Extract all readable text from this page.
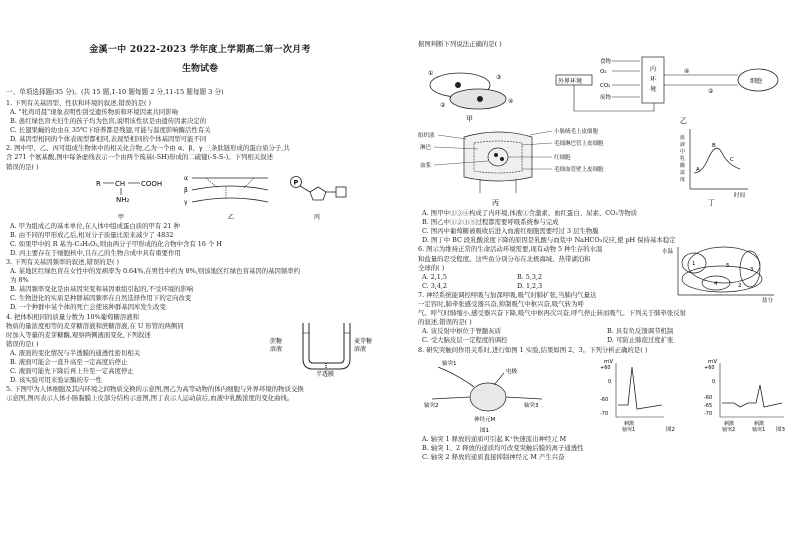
金溪一中 2022-2023 学年度上学期高二第一次月考
生物试卷
一、单项选择题(35 分)。(共 15 题,1-10 题每题 2 分,11-15 题每题 3 分)
1. 下列有关基因型、性状和环境的叙述,错误的是( )
A. "牝鸡司晨"现象表明性别受遗传物质和环境因素共同影响
B. 患红绿色盲夫妇生的孩子均为色盲,说明该性状是由遗传因素决定的
C. 长翅果蝇的幼虫在 35℃下培养都是残翅,可能与温度影响酶活性有关
D. 基因型相同的个体表现型都相同,表现型相同的个体基因型可能不同
2. 图中甲、乙、丙可组成生物体中的相关化合物,乙为一个由 α、β、γ 三条肽链形成的蛋白质分子,共
含 271 个氨基酸,图中每条虚线表示一个由两个巯基(-SH)形成的二硫键(-S-S-)。下列相关叙述
错误的是( )
R CH COOH
NH₂
甲
α
β
γ
乙
P
丙
A. 甲为组成乙的基本单位,在人体中组成蛋白质的甲有 21 种
B. 由不同的甲形成乙后,相对分子质量比原来减少了 4832
C. 如果甲中的 R 基为-C₃H₅O₂,则由两分子甲形成的化合物中含有 16 个 H
D. 丙主要存在于细胞核中,且在乙的生物合成中具有重要作用
3. 下列有关基因频率的叙述,错误的是( )
A. 某地区红绿色盲在女性中的发病率为 0.64%,在男性中约为 8%,则该地区红绿色盲基因的基因频率约
为 8%
B. 基因频率变化是由基因突变和基因重组引起的,不受环境的影响
C. 生物进化的实质是种群基因频率在自然选择作用下的定向改变
D. 一个种群中某个体的死亡会使该种群基因库发生改变
4. 把体积相同的质量分数为 10%葡萄糖溶液和
物质的量浓度相等的麦芽糖溶液和蔗糖溶液,在 U 形管的两侧同
时加入等量的麦芽糖酶,观察两侧液面变化,下列叙述
错误的是( )
A. 液面的变化情况与半透膜的通透性密切相关
B. 液面可能会一直升高至一定高度后停止
C. 液面可能先下降后再上升至一定高度停止
D. 该实验可用来验证酶的专一性
蔗糖
溶液
麦芽糖
溶液
半透膜
5. 下图甲为人体细胞及其内环境之间物质交换的示意图,图乙为高等动物的体内细胞与外界环境的物质交换
示意图,图丙表示人体小肠黏膜上皮部分结构示意图,图丁表示人运动前后,血液中乳酸浓度的变化曲线。
据图判断下列说法正确的是( )
①
②
③
④
甲
外界环境
食物
O₂
CO₂
废物
内
环
境
④
②
细胞
乙
组织液
淋巴
血浆
小肠绒毛上皮细胞
毛细淋巴管上皮细胞
红细胞
毛细血管壁上皮细胞
丙
血
液
中
乳
酸
浓
度
A
B
C
时间
丁
A. 图甲中①③④构成了内环境,体液①含激素、血红蛋白、尿素、CO₂等物质
B. 图乙中①②③⑤过程都需要呼吸系统参与完成
C. 图丙中葡萄糖被吸收后进入血液红细胞需要经过 3 层生物膜
D. 图丁中 BC 段乳酸浓度下降的原因是乳酸与血浆中 NaHCO₃反应,使 pH 保持基本稳定
6. 图示为维持正常的生命活动环境需要,现有动物 5 种生存的水温
和盐量的忍受程度。这些鱼分别分布在北极海域、热带湖泊和
全球的( )
A. 2,1,5	B. 5,3,2
C. 3,4,2	D. 1,2,3
水温
盐分
1
2
3
4
5
7. 神经系统能调控呼吸与加深呼吸,吸气时肺扩张,当肺内气量达
一定容时,肺牵张感受器兴奋,抑制吸气中枢兴奋,吸气转为呼
气。呼气时肺缩小,感受器兴奋下降,吸气中枢再次兴奋,呼气停止转而吸气。下列关于肺牵张反射
的叙述,错误的是( )
A. 该反射中枢位于脊髓灰质	B. 具有负反馈调节机制
C. 受大脑皮层一定程度的调控	D. 可防止肺泡过度扩张
8. 研究突触间作用关系时,进行如图 1 实验,结果如图 2、3。下列分析正确的是( )
轴突1
轴突2	轴突3
电极
神经元M
图1
mV
+60
0
-60
-70
刺激
轴突1	图2
mV
+60
0
-60
-65
-70
刺激
轴突2
刺激
轴突1 图3
A. 轴突 1 释放的递质可引起 K⁺快速流出神经元 M
B. 轴突 1、2 释放的递质均可改变突触后膜的离子通透性
C. 轴突 2 释放的递质直接抑制神经元 M 产生兴奋
